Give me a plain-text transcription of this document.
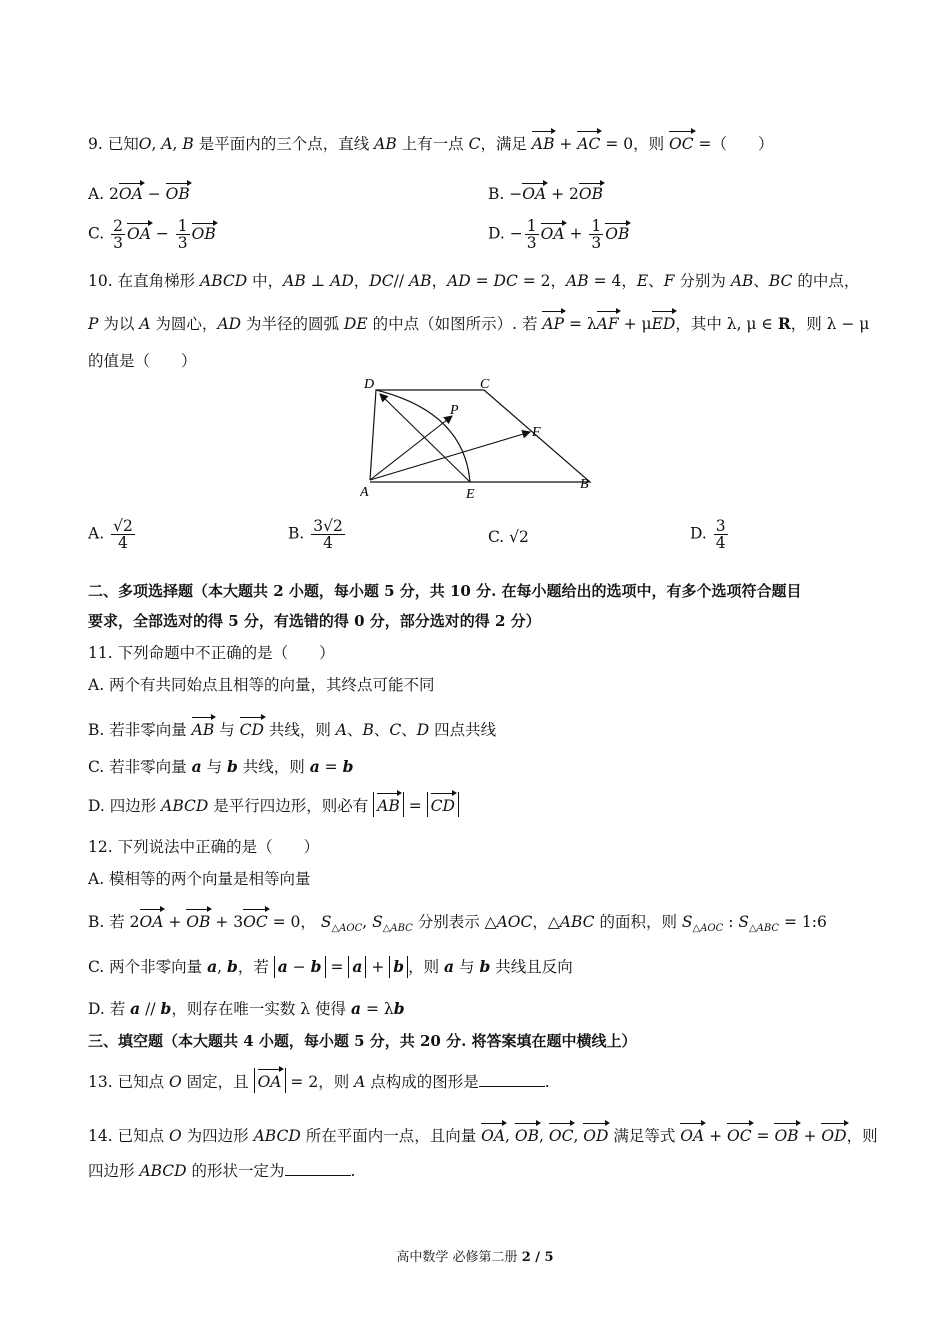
9. 已知O, A, B 是平面内的三个点，直线 AB 上有一点 C，满足 AB + AC = 0，则 OC =（　　）
A. 2OA − OB	B. −OA + 2OB
C. $\frac{2}{3}$ OA − $\frac{1}{3}$ OB	D. − $\frac{1}{3}$ OA + $\frac{1}{3}$ OB
10. 在直角梯形 ABCD 中，AB ⊥ AD，DC// AB，AD = DC = 2，AB = 4，E、F 分别为 AB、BC 的中点，
P 为以 A 为圆心，AD 为半径的圆弧 DE 的中点（如图所示）. 若 AP = λAF + μED，其中 λ, μ ∈ R，则 λ − μ
的值是（　　）
D	C
P
F
A	E
B
A. $\frac{√2}{4}$	B. $\frac{3√2}{4}$	C. √2	D. $\frac{3}{4}$
二、多项选择题（本大题共 2 小题，每小题 5 分，共 10 分. 在每小题给出的选项中，有多个选项符合题目
要求，全部选对的得 5 分，有选错的得 0 分，部分选对的得 2 分）
11. 下列命题中不正确的是（　　）
A. 两个有共同始点且相等的向量，其终点可能不同
B. 若非零向量 AB 与 CD 共线，则 A、B、C、D 四点共线
C. 若非零向量 a 与 b 共线，则 a = b
D. 四边形 ABCD 是平行四边形，则必有 AB = CD
12. 下列说法中正确的是（　　）
A. 模相等的两个向量是相等向量
B. 若 2OA + OB + 3OC = 0， $S_{\triangle AOC}$, $S_{\triangle ABC}$ 分别表示 △AOC，△ABC 的面积，则 $S_{\triangle AOC}$ : $S_{\triangle ABC}$ = 1:6
C. 两个非零向量 a, b，若 a − b = a + b ，则 a 与 b 共线且反向
D. 若 a // b，则存在唯一实数 λ 使得 a = λb
三、填空题（本大题共 4 小题，每小题 5 分，共 20 分. 将答案填在题中横线上）
13. 已知点 O 固定，且 OA = 2，则 A 点构成的图形是	.
14. 已知点 O 为四边形 ABCD 所在平面内一点，且向量 OA, OB, OC, OD 满足等式 OA + OC = OB + OD，则
四边形 ABCD 的形状一定为	.
高中数学 必修第二册 2 / 5
